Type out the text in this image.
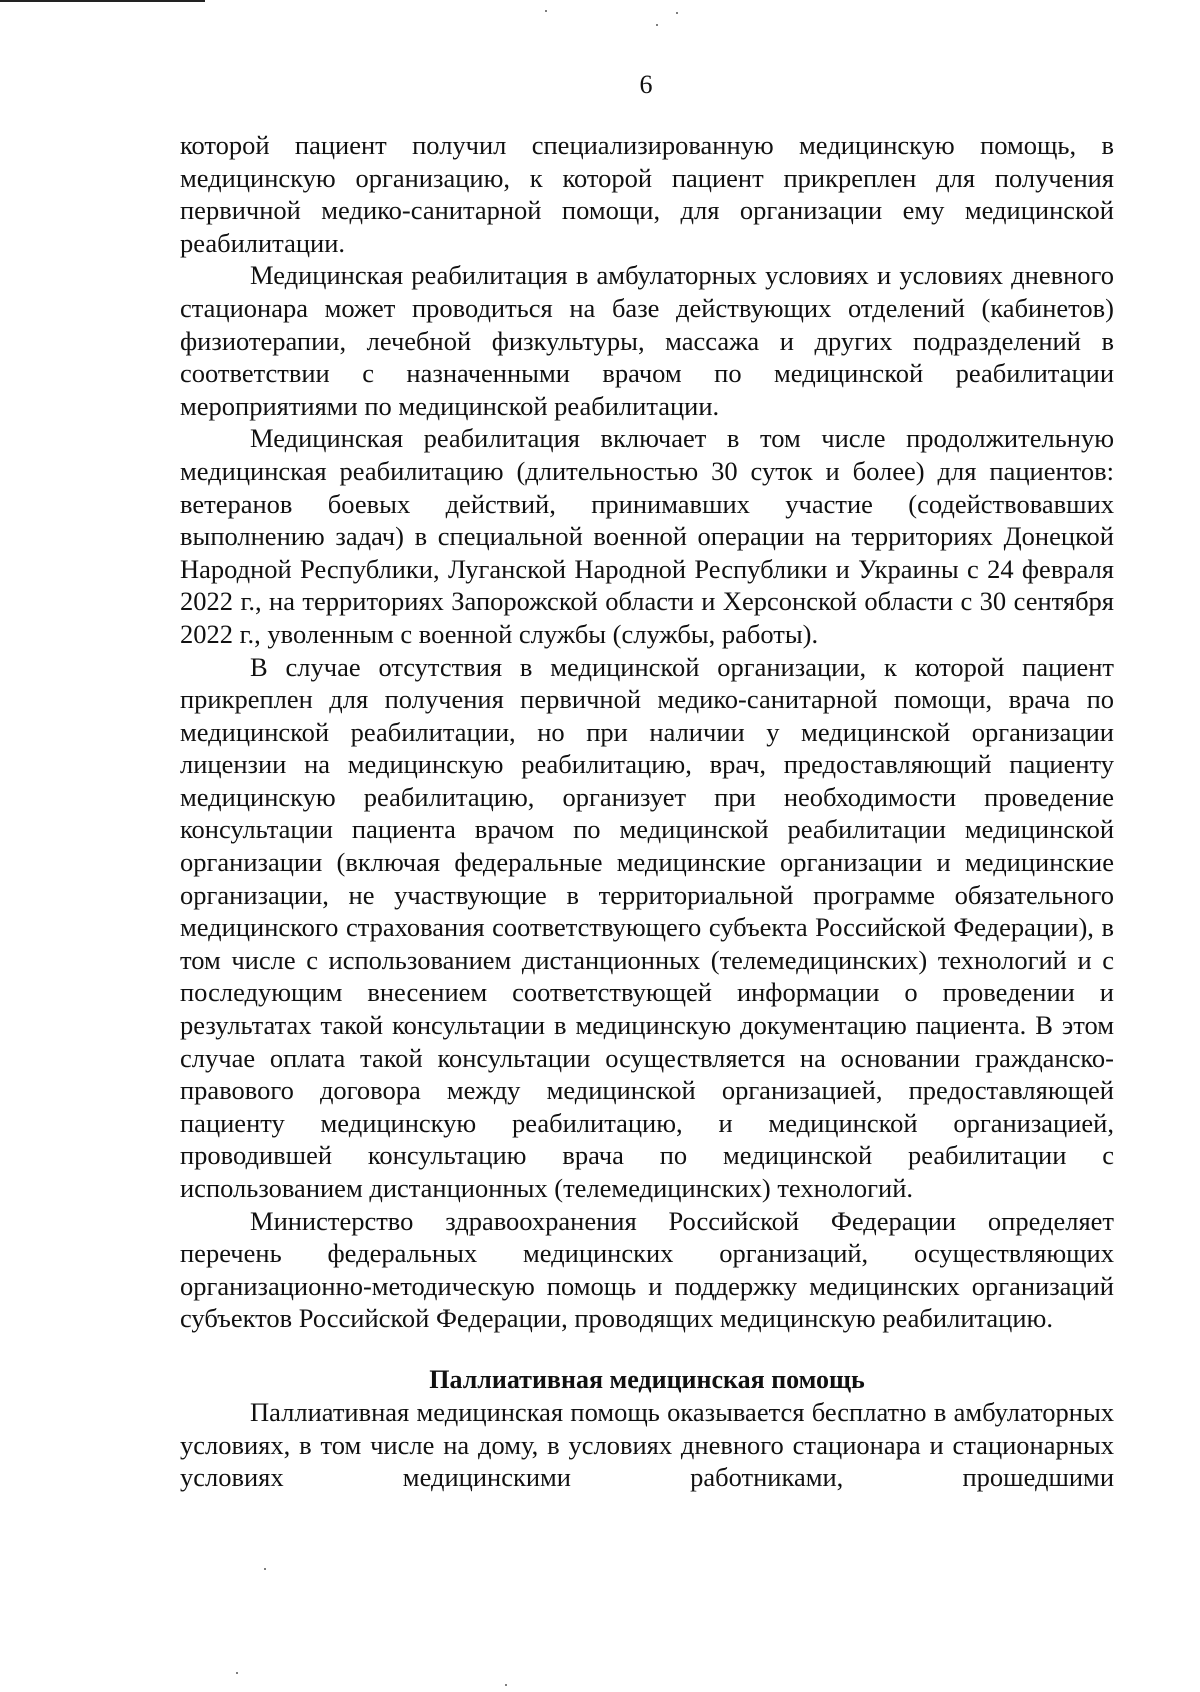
6

которой пациент получил специализированную медицинскую помощь, в медицинскую организацию, к которой пациент прикреплен для получения первичной медико-санитарной помощи, для организации ему медицинской реабилитации.

Медицинская реабилитация в амбулаторных условиях и условиях дневного стационара может проводиться на базе действующих отделений (кабинетов) физиотерапии, лечебной физкультуры, массажа и других подразделений в соответствии с назначенными врачом по медицинской реабилитации мероприятиями по медицинской реабилитации.

Медицинская реабилитация включает в том числе продолжительную медицинская реабилитацию (длительностью 30 суток и более) для пациентов: ветеранов боевых действий, принимавших участие (содействовавших выполнению задач) в специальной военной операции на территориях Донецкой Народной Республики, Луганской Народной Республики и Украины с 24 февраля 2022 г., на территориях Запорожской области и Херсонской области с 30 сентября 2022 г., уволенным с военной службы (службы, работы).

В случае отсутствия в медицинской организации, к которой пациент прикреплен для получения первичной медико-санитарной помощи, врача по медицинской реабилитации, но при наличии у медицинской организации лицензии на медицинскую реабилитацию, врач, предоставляющий пациенту медицинскую реабилитацию, организует при необходимости проведение консультации пациента врачом по медицинской реабилитации медицинской организации (включая федеральные медицинские организации и медицинские организации, не участвующие в территориальной программе обязательного медицинского страхования соответствующего субъекта Российской Федерации), в том числе с использованием дистанционных (телемедицинских) технологий и с последующим внесением соответствующей информации о проведении и результатах такой консультации в медицинскую документацию пациента. В этом случае оплата такой консультации осуществляется на основании гражданско-правового договора между медицинской организацией, предоставляющей пациенту медицинскую реабилитацию, и медицинской организацией, проводившей консультацию врача по медицинской реабилитации с использованием дистанционных (телемедицинских) технологий.

Министерство здравоохранения Российской Федерации определяет перечень федеральных медицинских организаций, осуществляющих организационно-методическую помощь и поддержку медицинских организаций субъектов Российской Федерации, проводящих медицинскую реабилитацию.

Паллиативная медицинская помощь

Паллиативная медицинская помощь оказывается бесплатно в амбулаторных условиях, в том числе на дому, в условиях дневного стационара и стационарных условиях медицинскими работниками, прошедшими
